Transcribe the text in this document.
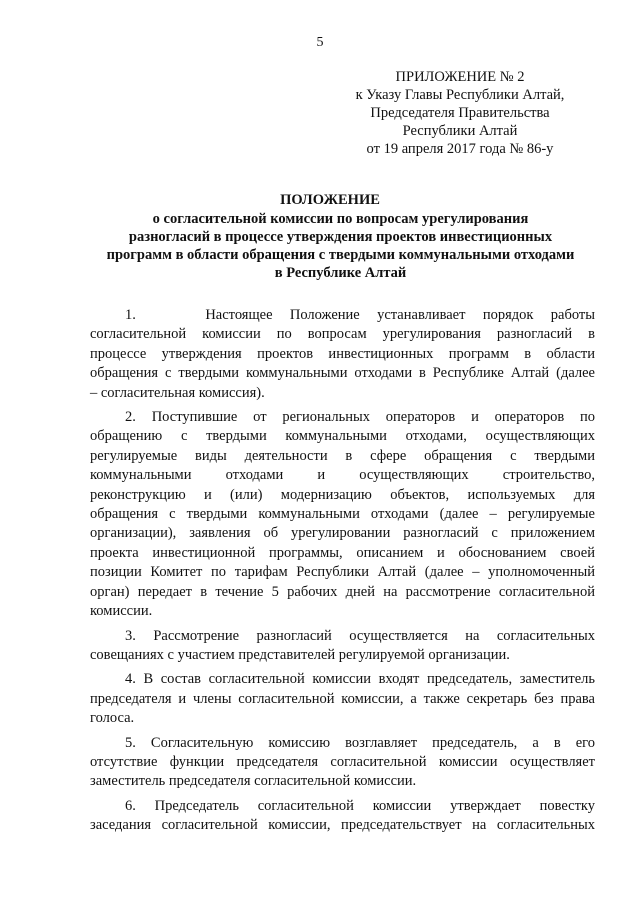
5
ПРИЛОЖЕНИЕ № 2
к Указу Главы Республики Алтай,
Председателя Правительства
Республики Алтай
от 19 апреля 2017 года № 86-у
ПОЛОЖЕНИЕ
о согласительной комиссии по вопросам урегулирования
разногласий в процессе утверждения проектов инвестиционных
программ в области обращения с твердыми коммунальными отходами
в Республике Алтай
1.    Настоящее Положение устанавливает порядок работы
согласительной комиссии по вопросам урегулирования разногласий в
процессе утверждения проектов инвестиционных программ в области
обращения с твердыми коммунальными отходами в Республике Алтай (далее
– согласительная комиссия).
2. Поступившие от региональных операторов и операторов по
обращению с твердыми коммунальными отходами, осуществляющих
регулируемые виды деятельности в сфере обращения с твердыми
коммунальными отходами и осуществляющих строительство,
реконструкцию и (или) модернизацию объектов, используемых для
обращения с твердыми коммунальными отходами (далее – регулируемые
организации), заявления об урегулировании разногласий с приложением
проекта инвестиционной программы, описанием и обоснованием своей
позиции Комитет по тарифам Республики Алтай (далее – уполномоченный
орган) передает в течение 5 рабочих дней на рассмотрение согласительной
комиссии.
3. Рассмотрение разногласий осуществляется на согласительных
совещаниях с участием представителей регулируемой организации.
4. В состав согласительной комиссии входят председатель, заместитель
председателя и члены согласительной комиссии, а также секретарь без права
голоса.
5. Согласительную комиссию возглавляет председатель, а в его
отсутствие функции председателя согласительной комиссии осуществляет
заместитель председателя согласительной комиссии.
6. Председатель согласительной комиссии утверждает повестку
заседания согласительной комиссии, председательствует на согласительных
